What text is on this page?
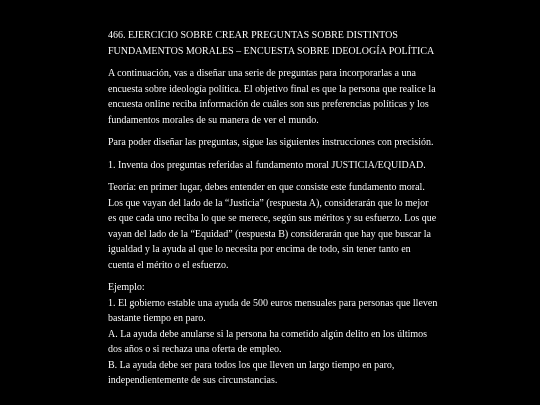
466. EJERCICIO SOBRE CREAR PREGUNTAS SOBRE DISTINTOS FUNDAMENTOS MORALES – ENCUESTA SOBRE IDEOLOGÍA POLÍTICA

A continuación, vas a diseñar una serie de preguntas para incorporarlas a una encuesta sobre ideología política. El objetivo final es que la persona que realice la encuesta online reciba información de cuáles son sus preferencias políticas y los fundamentos morales de su manera de ver el mundo.

Para poder diseñar las preguntas, sigue las siguientes instrucciones con precisión.

1. Inventa dos preguntas referidas al fundamento moral JUSTICIA/EQUIDAD.

Teoría: en primer lugar, debes entender en que consiste este fundamento moral. Los que vayan del lado de la “Justicia” (respuesta A), considerarán que lo mejor es que cada uno reciba lo que se merece, según sus méritos y su esfuerzo. Los que vayan del lado de la “Equidad” (respuesta B) considerarán que hay que buscar la igualdad y la ayuda al que lo necesita por encima de todo, sin tener tanto en cuenta el mérito o el esfuerzo.

Ejemplo:

1. El gobierno estable una ayuda de 500 euros mensuales para personas que lleven bastante tiempo en paro.

A. La ayuda debe anularse si la persona ha cometido algún delito en los últimos dos años o si rechaza una oferta de empleo.

B. La ayuda debe ser para todos los que lleven un largo tiempo en paro, independientemente de sus circunstancias.
